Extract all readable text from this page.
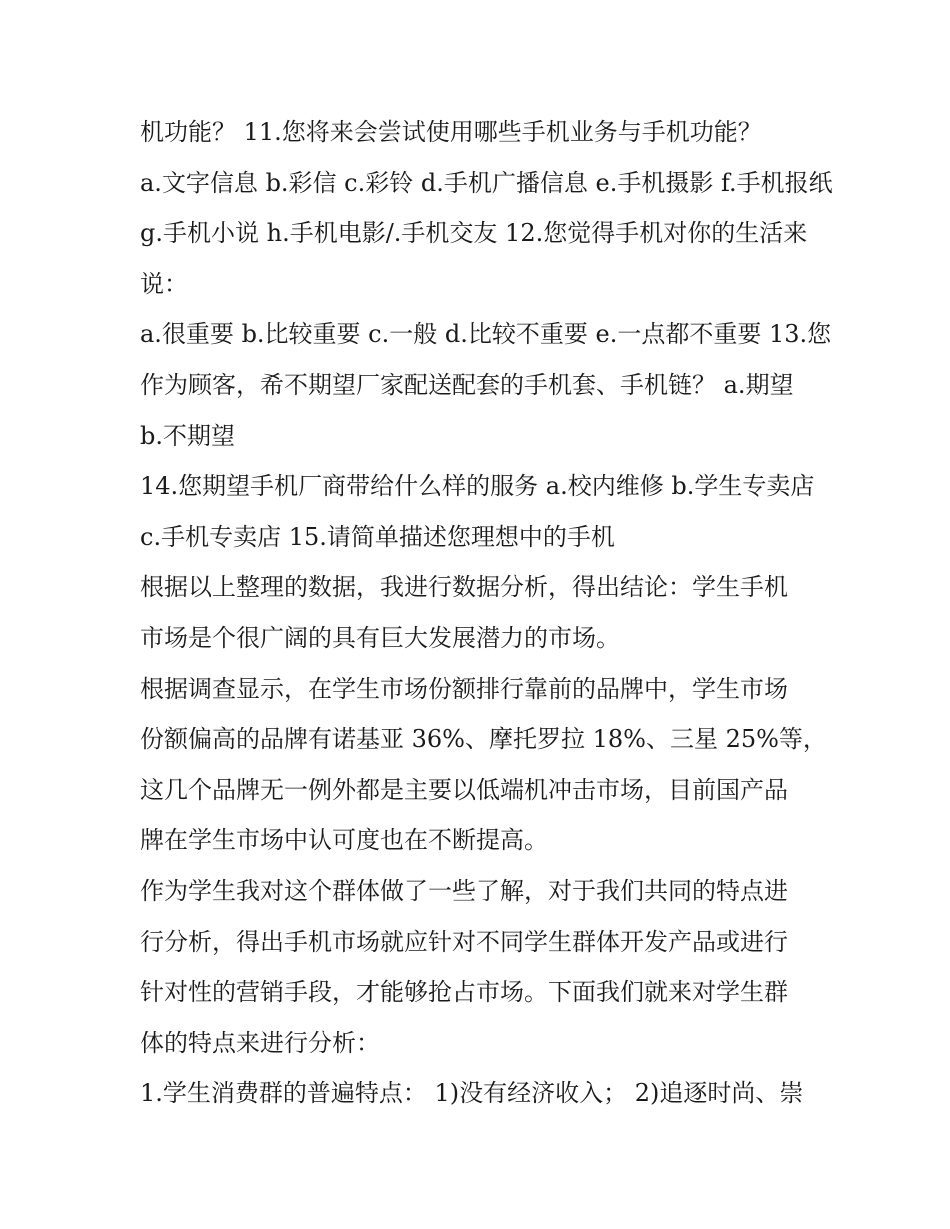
机功能？ 11.您将来会尝试使用哪些手机业务与手机功能？
a.文字信息 b.彩信 c.彩铃 d.手机广播信息 e.手机摄影 f.手机报纸
g.手机小说 h.手机电影/.手机交友 12.您觉得手机对你的生活来
说：
a.很重要 b.比较重要 c.一般 d.比较不重要 e.一点都不重要 13.您
作为顾客，希不期望厂家配送配套的手机套、手机链？ a.期望
b.不期望
14.您期望手机厂商带给什么样的服务 a.校内维修 b.学生专卖店
c.手机专卖店 15.请简单描述您理想中的手机
根据以上整理的数据，我进行数据分析，得出结论：学生手机
市场是个很广阔的具有巨大发展潜力的市场。
根据调查显示，在学生市场份额排行靠前的品牌中，学生市场
份额偏高的品牌有诺基亚 36%、摩托罗拉 18%、三星 25%等，
这几个品牌无一例外都是主要以低端机冲击市场，目前国产品
牌在学生市场中认可度也在不断提高。
作为学生我对这个群体做了一些了解，对于我们共同的特点进
行分析，得出手机市场就应针对不同学生群体开发产品或进行
针对性的营销手段，才能够抢占市场。下面我们就来对学生群
体的特点来进行分析：
1.学生消费群的普遍特点： 1)没有经济收入； 2)追逐时尚、崇
